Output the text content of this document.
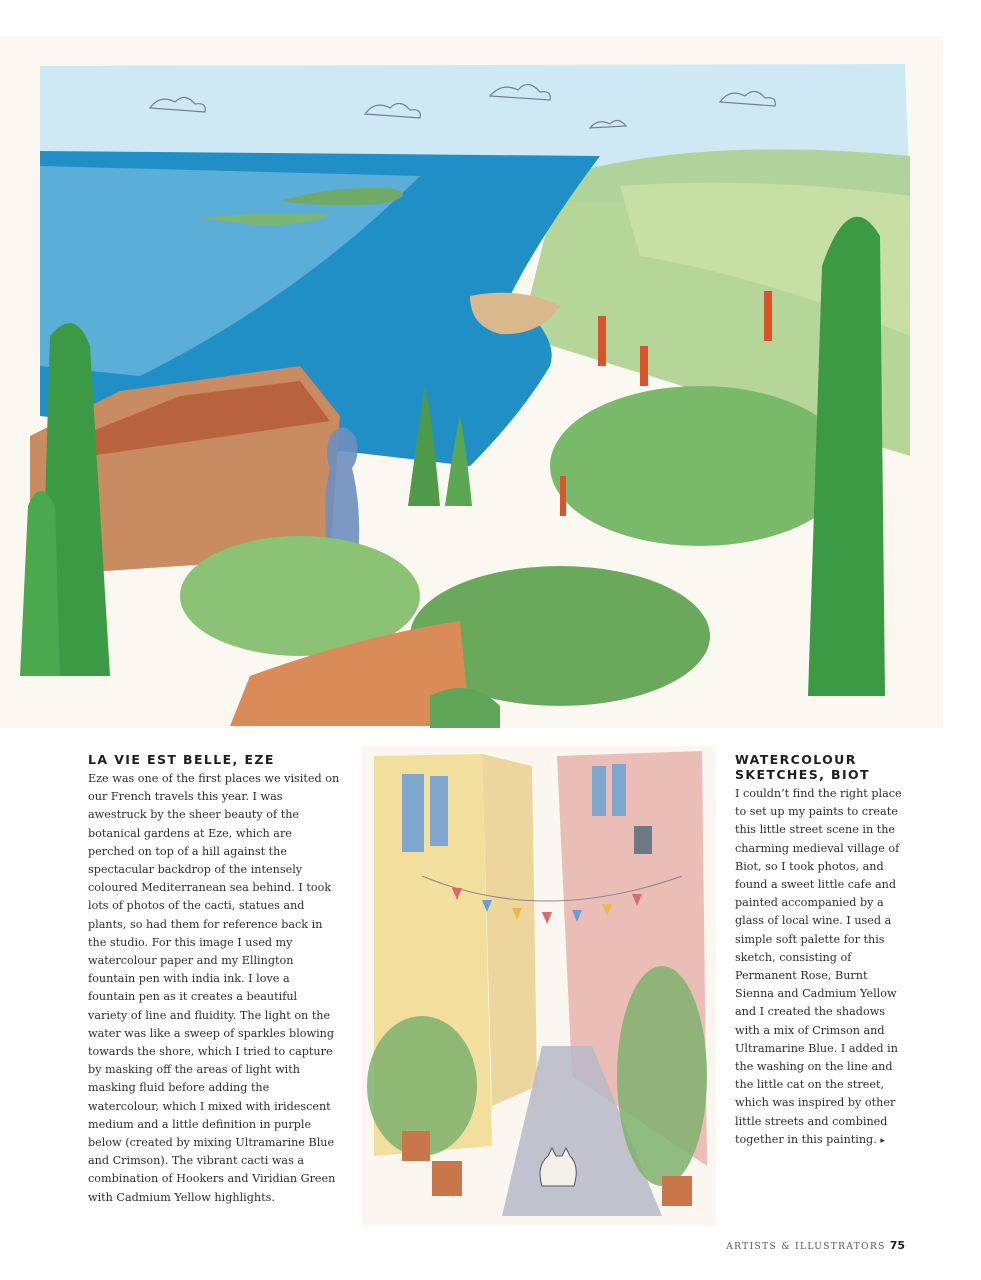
LA VIE EST BELLE, EZE

Eze was one of the first places we visited on our French travels this year. I was awestruck by the sheer beauty of the botanical gardens at Eze, which are perched on top of a hill against the spectacular backdrop of the intensely coloured Mediterranean sea behind. I took lots of photos of the cacti, statues and plants, so had them for reference back in the studio. For this image I used my watercolour paper and my Ellington fountain pen with india ink. I love a fountain pen as it creates a beautiful variety of line and fluidity. The light on the water was like a sweep of sparkles blowing towards the shore, which I tried to capture by masking off the areas of light with masking fluid before adding the watercolour, which I mixed with iridescent medium and a little definition in purple below (created by mixing Ultramarine Blue and Crimson). The vibrant cacti was a combination of Hookers and Viridian Green with Cadmium Yellow highlights.

WATERCOLOUR SKETCHES, BIOT

I couldn’t find the right place to set up my paints to create this little street scene in the charming medieval village of Biot, so I took photos, and found a sweet little cafe and painted accompanied by a glass of local wine. I used a simple soft palette for this sketch, consisting of Permanent Rose, Burnt Sienna and Cadmium Yellow and I created the shadows with a mix of Crimson and Ultramarine Blue. I added in the washing on the line and the little cat on the street, which was inspired by other little streets and combined together in this painting. ▸

ARTISTS & ILLUSTRATORS 75
